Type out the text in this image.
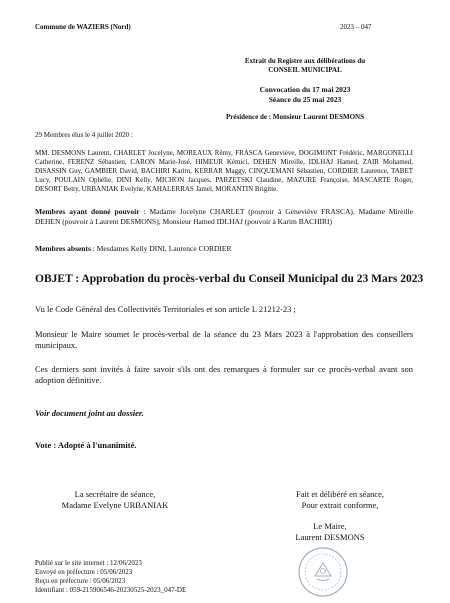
Commune de WAZIERS (Nord)	2023 – 047
Extrait du Registre aux délibérations du
CONSEIL MUNICIPAL
Convocation du 17 mai 2023
Séance du 25 mai 2023
Présidence de : Monsieur Laurent DESMONS
29 Membres élus le 4 juillet 2020 :
MM. DESMONS Laurent, CHARLET Jocelyne, MOREAUX Rémy, FRASCA Geneviève, DOGIMONT Frédéric, MARGONELLI Catherine, FERENZ Sébastien, CARON Marie-José, HIMEUR Kémici, DEHEN Mireille, IDLHAJ Hamed, ZAIR Mohamed, DISASSIN Guy, GAMBIER David, BACHIRI Karim, KERRAR Maggy, CINQUEMANI Sébastien, CORDIER Laurence, TABET Lucy, POULAIN Ophélie, DINI Kelly, MICHON Jacques, PARZETSKI Claudine, MAZURE Françoise, MASCARTE Roger, DESORT Betty, URBANIAK Evelyne, KAHALERRAS Jamel, MORANTIN Brigitte.
Membres ayant donné pouvoir : Madame Jocelyne CHARLET (pouvoir à Geneviève FRASCA), Madame Mireille DEHEN (pouvoir à Laurent DESMONS), Monsieur Hamed IDLHAJ (pouvoir à Karim BACHIRI)
Membres absents : Mesdames Kelly DINI, Laurence CORDIER
OBJET : Approbation du procès-verbal du Conseil Municipal du 23 Mars 2023
Vu le Code Général des Collectivités Territoriales et son article L 21212-23 ;
Monsieur le Maire soumet le procès-verbal de la séance du 23 Mars 2023 à l'approbation des conseillers municipaux.
Ces derniers sont invités à faire savoir s'ils ont des remarques à formuler sur ce procès-verbal avant son adoption définitive.
Voir document joint au dossier.
Vote : Adopté à l'unanimité.
La secrétaire de séance,
Madame Evelyne URBANIAK
Fait et délibéré en séance,
Pour extrait conforme,
Le Maire,
Laurent DESMONS
Publié sur le site internet : 12/06/2023
Envoyé en préfecture : 05/06/2023
Reçu en préfecture : 05/06/2023
Identifiant : 059-215906546-20230525-2023_047-DE
